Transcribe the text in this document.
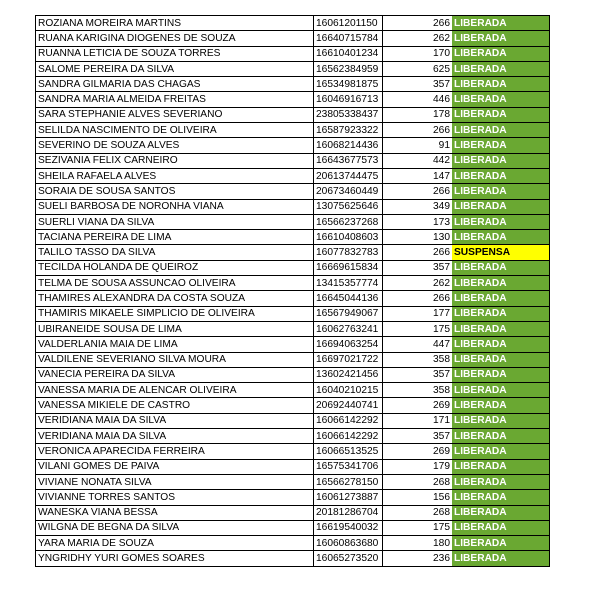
ROZIANA MOREIRA MARTINS	16061201150	266	LIBERADA
RUANA KARIGINA DIOGENES DE SOUZA	16640715784	262	LIBERADA
RUANNA LETICIA DE SOUZA TORRES	16610401234	170	LIBERADA
SALOME PEREIRA DA SILVA	16562384959	625	LIBERADA
SANDRA GILMARIA DAS CHAGAS	16534981875	357	LIBERADA
SANDRA MARIA ALMEIDA FREITAS	16046916713	446	LIBERADA
SARA STEPHANIE ALVES SEVERIANO	23805338437	178	LIBERADA
SELILDA NASCIMENTO DE OLIVEIRA	16587923322	266	LIBERADA
SEVERINO DE SOUZA ALVES	16068214436	91	LIBERADA
SEZIVANIA FELIX CARNEIRO	16643677573	442	LIBERADA
SHEILA RAFAELA ALVES	20613744475	147	LIBERADA
SORAIA DE SOUSA SANTOS	20673460449	266	LIBERADA
SUELI BARBOSA DE NORONHA VIANA	13075625646	349	LIBERADA
SUERLI VIANA DA SILVA	16566237268	173	LIBERADA
TACIANA PEREIRA DE LIMA	16610408603	130	LIBERADA
TALILO TASSO DA SILVA	16077832783	266	SUSPENSA
TECILDA HOLANDA DE QUEIROZ	16669615834	357	LIBERADA
TELMA DE SOUSA ASSUNCAO OLIVEIRA	13415357774	262	LIBERADA
THAMIRES ALEXANDRA DA COSTA SOUZA	16645044136	266	LIBERADA
THAMIRIS MIKAELE SIMPLICIO DE OLIVEIRA	16567949067	177	LIBERADA
UBIRANEIDE SOUSA DE LIMA	16062763241	175	LIBERADA
VALDERLANIA MAIA DE LIMA	16694063254	447	LIBERADA
VALDILENE SEVERIANO SILVA MOURA	16697021722	358	LIBERADA
VANECIA PEREIRA DA SILVA	13602421456	357	LIBERADA
VANESSA MARIA DE ALENCAR OLIVEIRA	16040210215	358	LIBERADA
VANESSA MIKIELE DE CASTRO	20692440741	269	LIBERADA
VERIDIANA MAIA DA SILVA	16066142292	171	LIBERADA
VERIDIANA MAIA DA SILVA	16066142292	357	LIBERADA
VERONICA APARECIDA FERREIRA	16066513525	269	LIBERADA
VILANI GOMES DE PAIVA	16575341706	179	LIBERADA
VIVIANE NONATA SILVA	16566278150	268	LIBERADA
VIVIANNE TORRES SANTOS	16061273887	156	LIBERADA
WANESKA VIANA BESSA	20181286704	268	LIBERADA
WILGNA DE BEGNA DA SILVA	16619540032	175	LIBERADA
YARA MARIA DE SOUZA	16060863680	180	LIBERADA
YNGRIDHY YURI GOMES SOARES	16065273520	236	LIBERADA
